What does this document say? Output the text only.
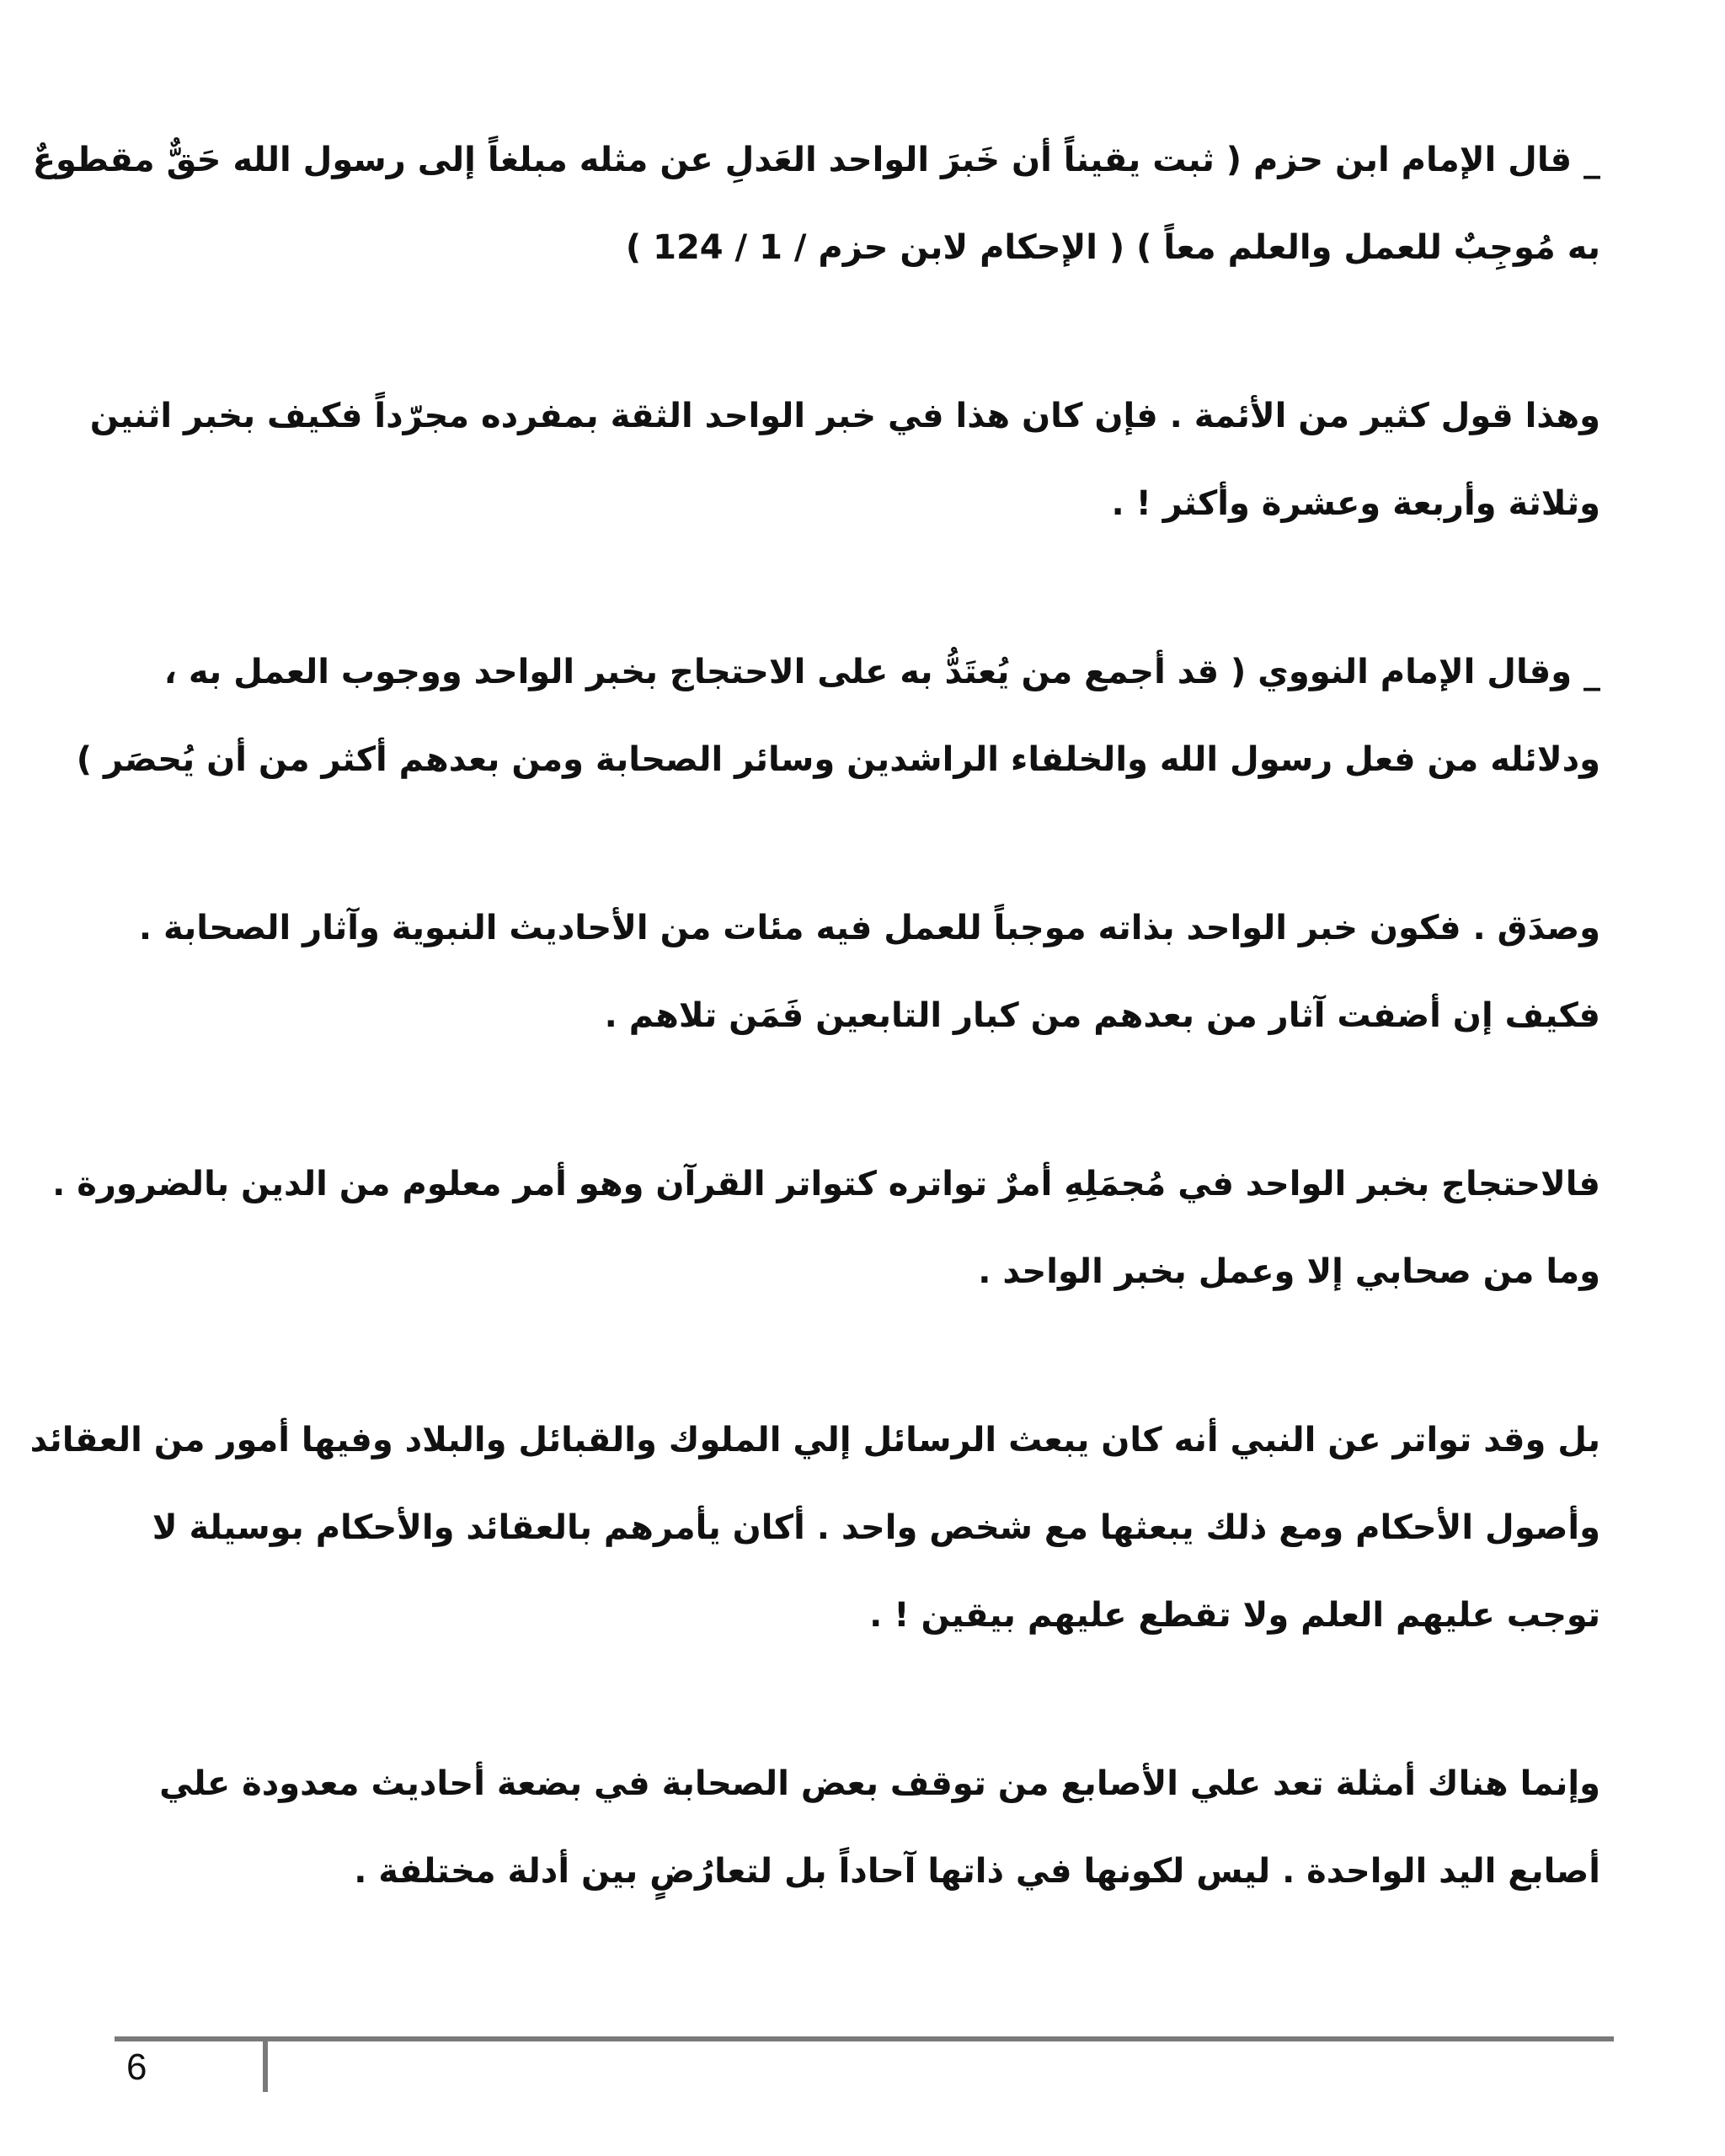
_ قال الإمام ابن حزم ( ثبت يقيناً أن خَبرَ الواحد العَدلِ عن مثله مبلغاً إلى رسول الله حَقٌّ مقطوعٌ
به مُوجِبٌ للعمل والعلم معاً ) ( الإحكام لابن حزم / 1 / 124 )

وهذا قول كثير من الأئمة . فإن كان هذا في خبر الواحد الثقة بمفرده مجرّداً فكيف بخبر اثنين
وثلاثة وأربعة وعشرة وأكثر ! .

_ وقال الإمام النووي ( قد أجمع من يُعتَدُّ به على الاحتجاج بخبر الواحد ووجوب العمل به ،
ودلائله من فعل رسول الله والخلفاء الراشدين وسائر الصحابة ومن بعدهم أكثر من أن يُحصَر )

وصدَق . فكون خبر الواحد بذاته موجباً للعمل فيه مئات من الأحاديث النبوية وآثار الصحابة .
فكيف إن أضفت آثار من بعدهم من كبار التابعين فَمَن تلاهم .

فالاحتجاج بخبر الواحد في مُجمَلِهِ أمرٌ تواتره كتواتر القرآن وهو أمر معلوم من الدين بالضرورة .
وما من صحابي إلا وعمل بخبر الواحد .

بل وقد تواتر عن النبي أنه كان يبعث الرسائل إلي الملوك والقبائل والبلاد وفيها أمور من العقائد
وأصول الأحكام ومع ذلك يبعثها مع شخص واحد . أكان يأمرهم بالعقائد والأحكام بوسيلة لا
توجب عليهم العلم ولا تقطع عليهم بيقين ! .

وإنما هناك أمثلة تعد علي الأصابع من توقف بعض الصحابة في بضعة أحاديث معدودة علي
أصابع اليد الواحدة . ليس لكونها في ذاتها آحاداً بل لتعارُضٍ بين أدلة مختلفة .

6
